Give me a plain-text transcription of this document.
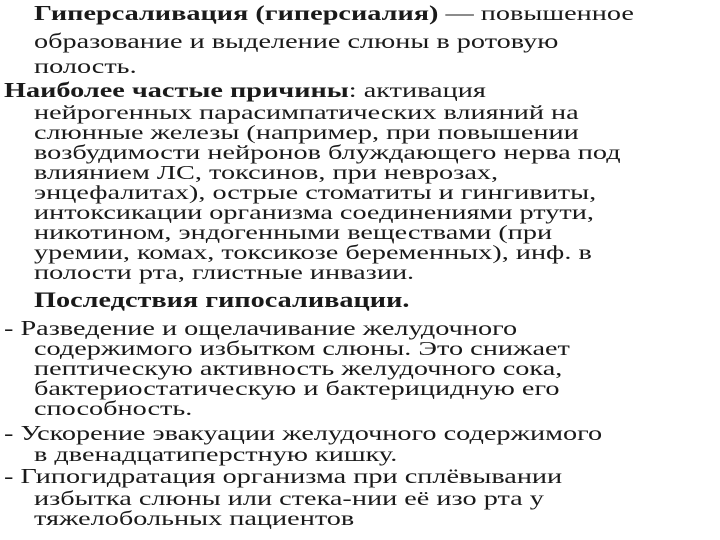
Гиперсаливация (гиперсиалия) — повышенное
образование и выделение слюны в ротовую
полость.
Наиболее частые причины: активация
нейрогенных парасимпатических влияний на
слюнные железы (например, при повышении
возбудимости нейронов блуждающего нерва под
влиянием ЛС, токсинов, при неврозах,
энцефалитах), острые стоматиты и гингивиты,
интоксикации организма соединениями ртути,
никотином, эндогенными веществами (при
уремии, комах, токсикозе беременных), инф. в
полости рта, глистные инвазии.
Последствия гипосаливации.
- Разведение и ощелачивание желудочного
содержимого избытком слюны. Это снижает
пептическую активность желудочного сока,
бактериостатическую и бактерицидную его
способность.
- Ускорение эвакуации желудочного содержимого
в двенадцатиперстную кишку.
- Гипогидратация организма при сплёвывании
избытка слюны или стека-нии её изо рта у
тяжелобольных пациентов
